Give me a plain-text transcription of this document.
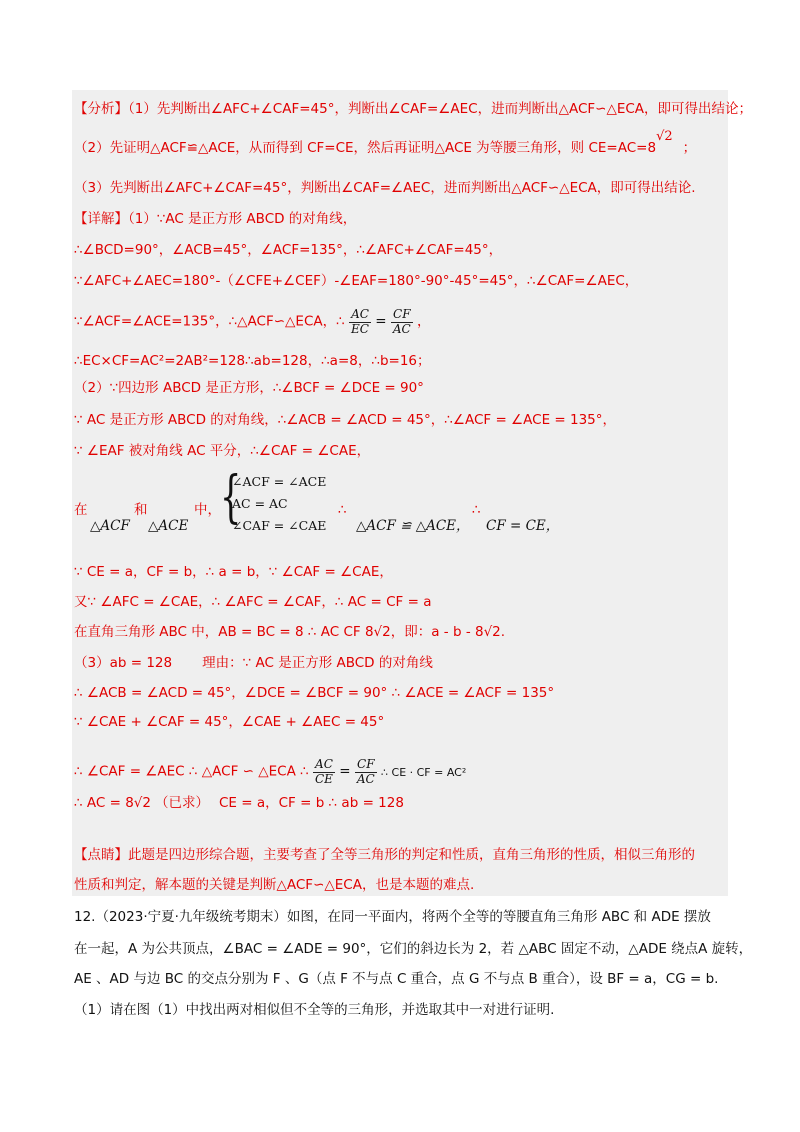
【分析】（1）先判断出∠AFC+∠CAF=45°，判断出∠CAF=∠AEC，进而判断出△ACF∽△ECA，即可得出结论；
（2）先证明△ACF≌△ACE，从而得到 CF=CE，然后再证明△ACE 为等腰三角形，则 CE=AC=8√2；
（3）先判断出∠AFC+∠CAF=45°，判断出∠CAF=∠AEC，进而判断出△ACF∽△ECA，即可得出结论.
【详解】（1）∵AC 是正方形 ABCD 的对角线，
∴∠BCD=90°，∠ACB=45°，∠ACF=135°，∴∠AFC+∠CAF=45°，
∵∠AFC+∠AEC=180°-（∠CFE+∠CEF）-∠EAF=180°-90°-45°=45°，∴∠CAF=∠AEC，
∵∠ACF=∠ACE=135°，∴△ACF∽△ECA，∴ $\frac{AC}{EC} = \frac{CF}{AC}$ ，
∴EC×CF=AC²=2AB²=128∴ab=128，∴a=8，∴b=16；
（2）∵四边形 ABCD 是正方形，∴∠BCF = ∠DCE = 90°
∵ AC 是正方形 ABCD 的对角线，∴∠ACB = ∠ACD = 45°，∴∠ACF = ∠ACE = 135°，
∵ ∠EAF 被对角线 AC 平分，∴∠CAF = ∠CAE，
在
△ACF
和
△ACE
中， {
∠ACF = ∠ACE
AC = AC
∠CAF = ∠CAE
∴
△ACF ≌ △ACE，
∴
CF = CE，
∵ CE = a，CF = b，∴ a = b，∵ ∠CAF = ∠CAE，
又∵ ∠AFC = ∠CAE，∴ ∠AFC = ∠CAF，∴ AC = CF = a
在直角三角形 ABC 中，AB = BC = 8 ∴ AC CF 8√2，即：a - b - 8√2.
（3）ab = 128 理由：∵ AC 是正方形 ABCD 的对角线
∴ ∠ACB = ∠ACD = 45°，∠DCE = ∠BCF = 90° ∴ ∠ACE = ∠ACF = 135°
∵ ∠CAE + ∠CAF = 45°，∠CAE + ∠AEC = 45°
∴ ∠CAF = ∠AEC ∴ △ACF ∽ △ECA ∴ $\frac{AC}{CE} = \frac{CF}{AC}$ ∴ CE · CF = AC²
∴ AC = 8√2 （已求） CE = a，CF = b ∴ ab = 128
【点睛】此题是四边形综合题，主要考查了全等三角形的判定和性质，直角三角形的性质，相似三角形的
性质和判定，解本题的关键是判断△ACF∽△ECA，也是本题的难点.
12.（2023·宁夏·九年级统考期末）如图，在同一平面内，将两个全等的等腰直角三角形 ABC 和 ADE 摆放
在一起，A 为公共顶点，∠BAC = ∠ADE = 90°，它们的斜边长为 2，若 △ABC 固定不动，△ADE 绕点A 旋转，
AE 、AD 与边 BC 的交点分别为 F 、G（点 F 不与点 C 重合，点 G 不与点 B 重合），设 BF = a，CG = b.
（1）请在图（1）中找出两对相似但不全等的三角形，并选取其中一对进行证明.
